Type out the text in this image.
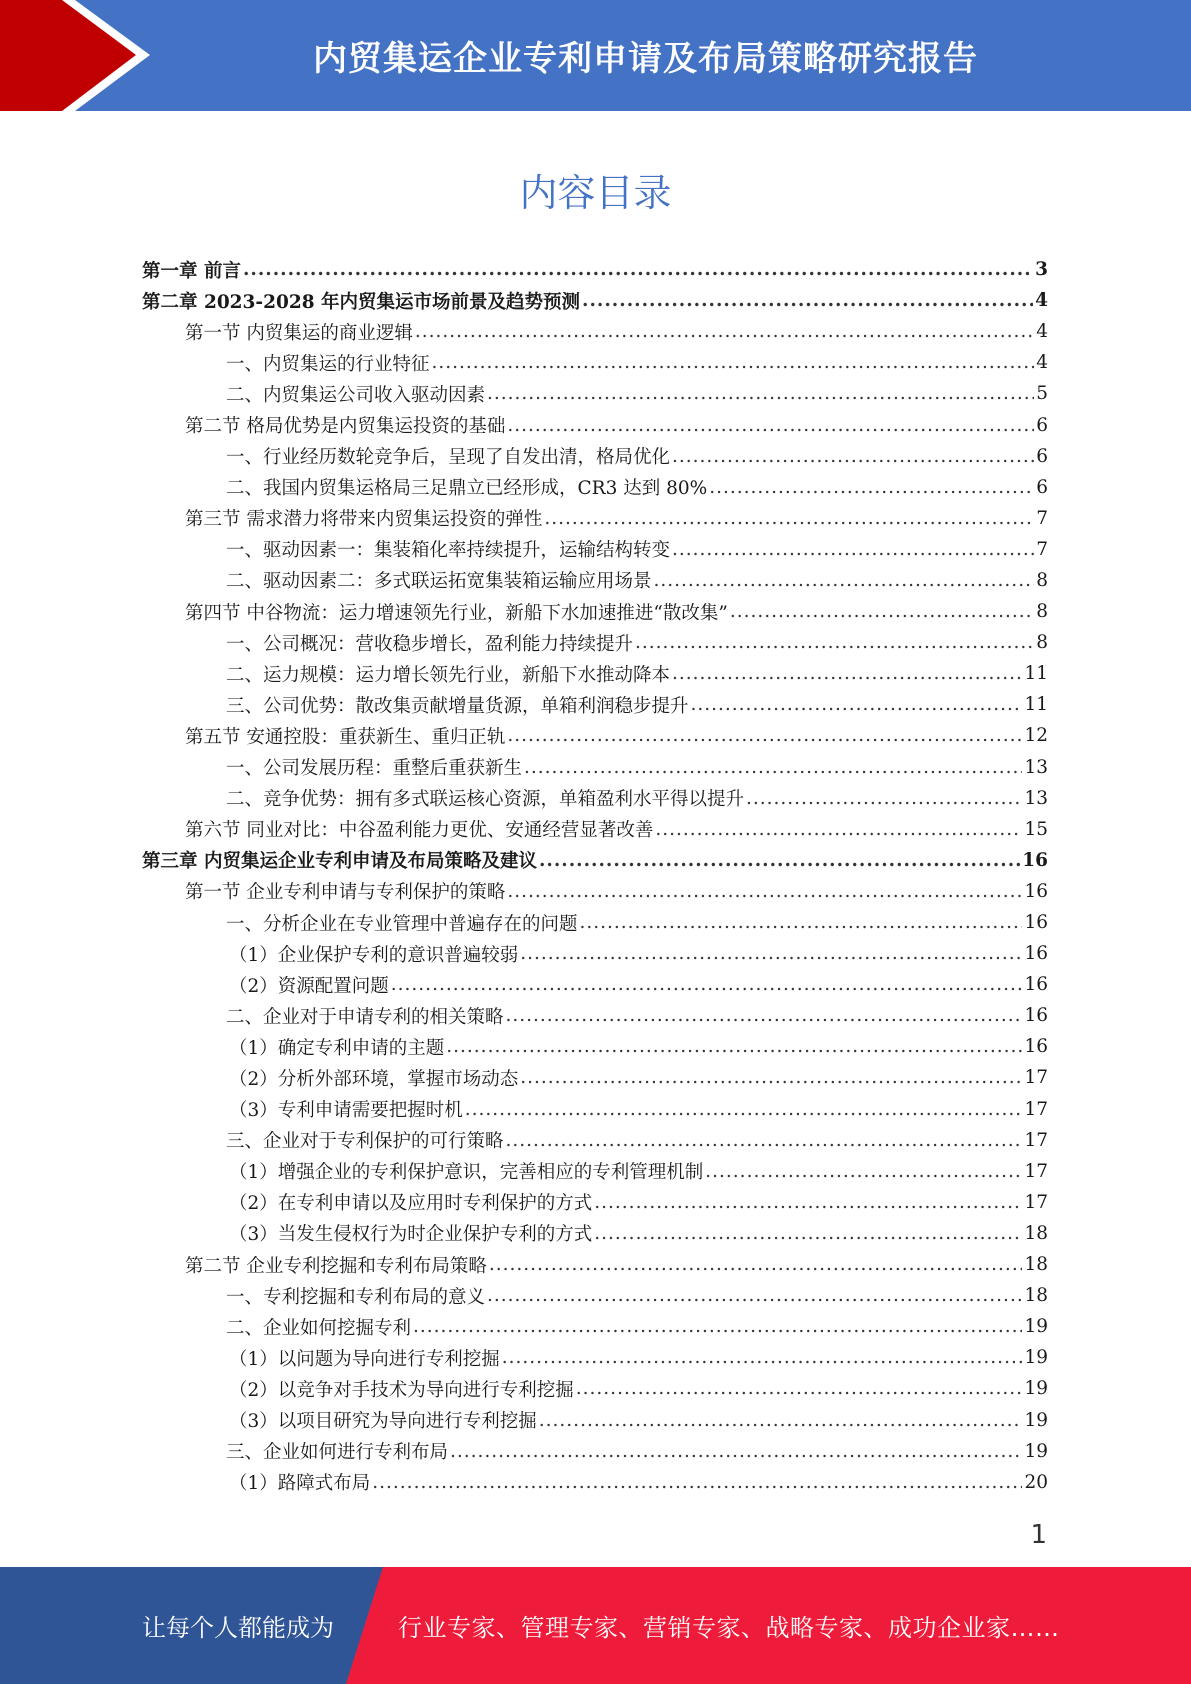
内贸集运企业专利申请及布局策略研究报告
内容目录
第一章 前言 .....	3
第二章 2023-2028 年内贸集运市场前景及趋势预测 .....	4
第一节 内贸集运的商业逻辑 .....	4
一、内贸集运的行业特征 .....	4
二、内贸集运公司收入驱动因素 .....	5
第二节 格局优势是内贸集运投资的基础 .....	6
一、行业经历数轮竞争后，呈现了自发出清，格局优化 .....	6
二、我国内贸集运格局三足鼎立已经形成，CR3 达到 80% .....	6
第三节 需求潜力将带来内贸集运投资的弹性 .....	7
一、驱动因素一：集装箱化率持续提升，运输结构转变 .....	7
二、驱动因素二：多式联运拓宽集装箱运输应用场景 .....	8
第四节 中谷物流：运力增速领先行业，新船下水加速推进“散改集” .....	8
一、公司概况：营收稳步增长，盈利能力持续提升 .....	8
二、运力规模：运力增长领先行业，新船下水推动降本 .....	11
三、公司优势：散改集贡献增量货源，单箱利润稳步提升 .....	11
第五节 安通控股：重获新生、重归正轨 .....	12
一、公司发展历程：重整后重获新生 .....	13
二、竞争优势：拥有多式联运核心资源，单箱盈利水平得以提升 .....	13
第六节 同业对比：中谷盈利能力更优、安通经营显著改善 .....	15
第三章 内贸集运企业专利申请及布局策略及建议 .....	16
第一节 企业专利申请与专利保护的策略 .....	16
一、分析企业在专业管理中普遍存在的问题 .....	16
（1）企业保护专利的意识普遍较弱 .....	16
（2）资源配置问题 .....	16
二、企业对于申请专利的相关策略 .....	16
（1）确定专利申请的主题 .....	16
（2）分析外部环境，掌握市场动态 .....	17
（3）专利申请需要把握时机 .....	17
三、企业对于专利保护的可行策略 .....	17
（1）增强企业的专利保护意识，完善相应的专利管理机制 .....	17
（2）在专利申请以及应用时专利保护的方式 .....	17
（3）当发生侵权行为时企业保护专利的方式 .....	18
第二节 企业专利挖掘和专利布局策略 .....	18
一、专利挖掘和专利布局的意义 .....	18
二、企业如何挖掘专利 .....	19
（1）以问题为导向进行专利挖掘 .....	19
（2）以竞争对手技术为导向进行专利挖掘 .....	19
（3）以项目研究为导向进行专利挖掘 .....	19
三、企业如何进行专利布局 .....	19
（1）路障式布局 .....	20
1
让每个人都能成为	行业专家、管理专家、营销专家、战略专家、成功企业家……
